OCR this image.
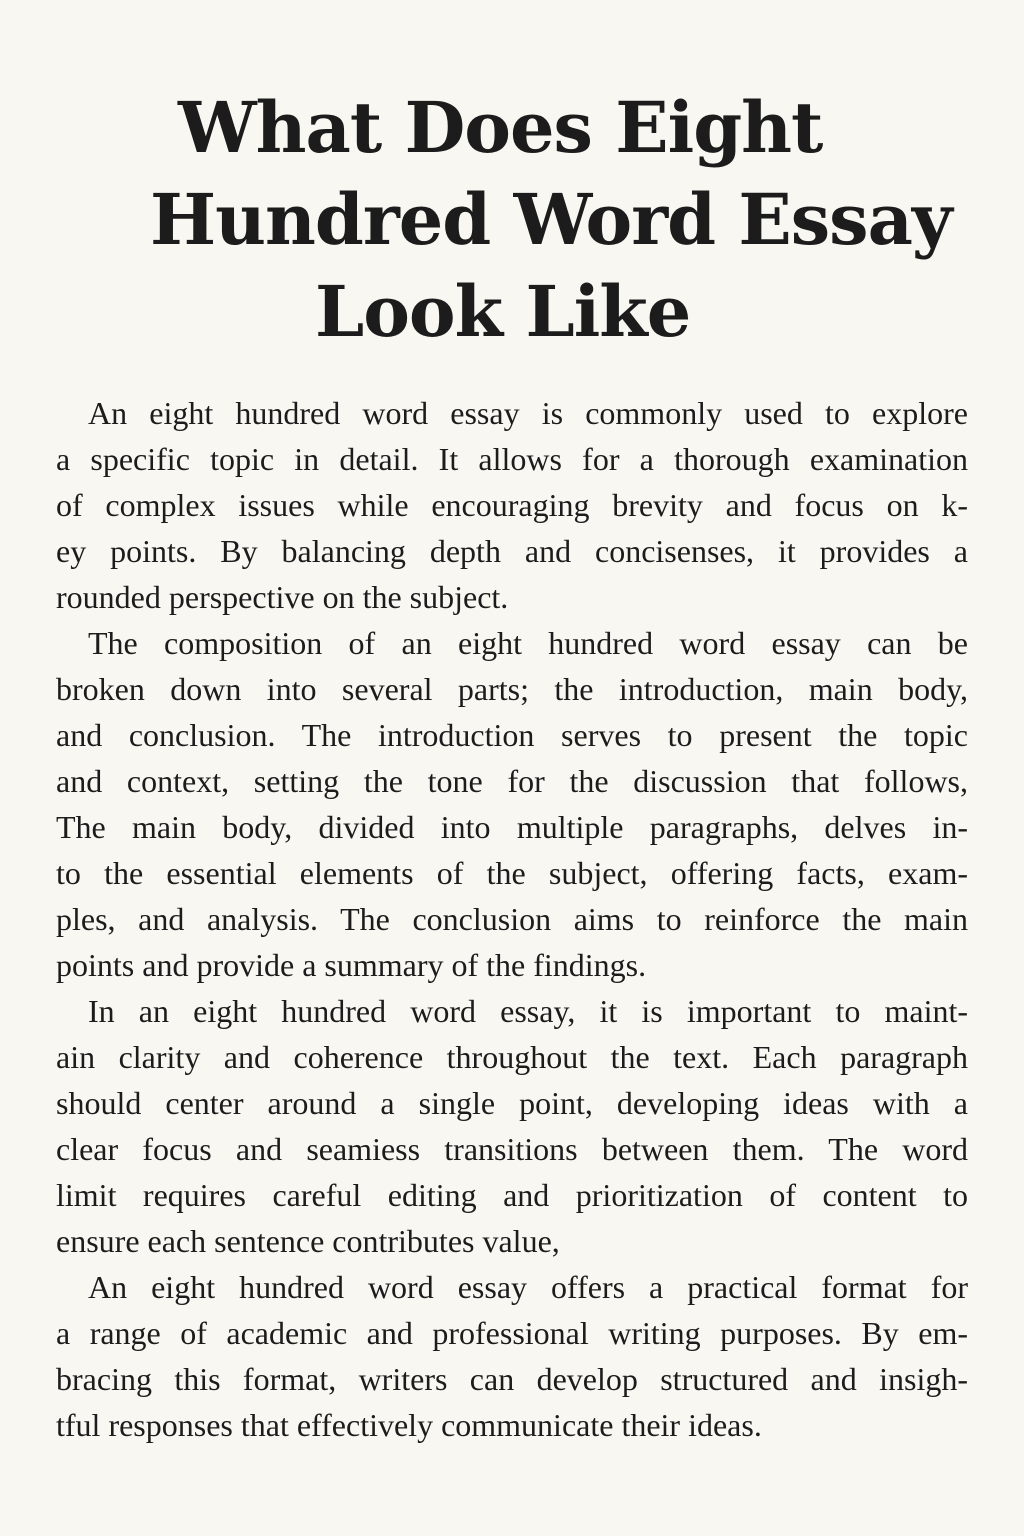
What Does Eight
Hundred Word Essay
Look Like

An eight hundred word essay is commonly used to explore
a specific topic in detail. It allows for a thorough examination
of complex issues while encouraging brevity and focus on k-
ey points. By balancing depth and concisenses, it provides a
rounded perspective on the subject.

The composition of an eight hundred word essay can be
broken down into several parts; the introduction, main body,
and conclusion. The introduction serves to present the topic
and context, setting the tone for the discussion that follows,
The main body, divided into multiple paragraphs, delves in-
to the essential elements of the subject, offering facts, exam-
ples, and analysis. The conclusion aims to reinforce the main
points and provide a summary of the findings.

In an eight hundred word essay, it is important to maint-
ain clarity and coherence throughout the text. Each paragraph
should center around a single point, developing ideas with a
clear focus and seamiess transitions between them. The word
limit requires careful editing and prioritization of content to
ensure each sentence contributes value,

An eight hundred word essay offers a practical format for
a range of academic and professional writing purposes. By em-
bracing this format, writers can develop structured and insigh-
tful responses that effectively communicate their ideas.
